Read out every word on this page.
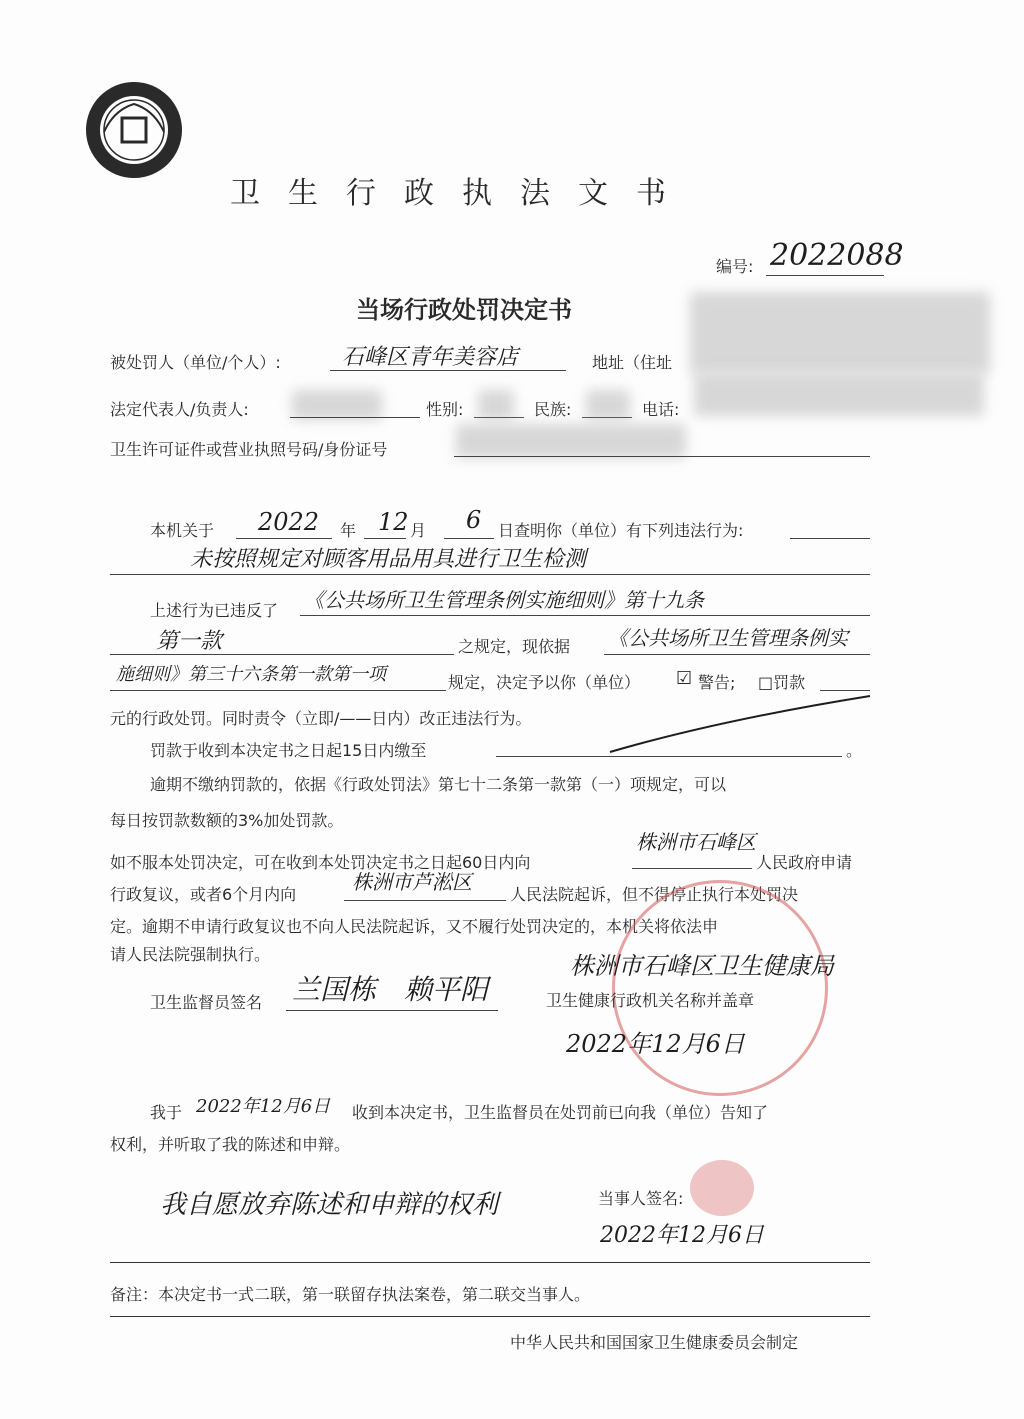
卫生行政执法文书
编号: 2022088
当场行政处罚决定书
被处罚人（单位/个人）:	石峰区青年美容店	地址（住址
法定代表人/负责人:	性别:	民族:	电话:
卫生许可证件或营业执照号码/身份证号
本机关于 2022 年 12 月 6 日查明你（单位）有下列违法行为:
未按照规定对顾客用品用具进行卫生检测
上述行为已违反了 《公共场所卫生管理条例实施细则》第十九条
第一款	之规定，现依据 《公共场所卫生管理条例实
施细则》第三十六条第一款第一项	规定，决定予以你（单位） ☑ 警告; □罚款
元的行政处罚。同时责令（立即/——日内）改正违法行为。
罚款于收到本决定书之日起15日内缴至	。
逾期不缴纳罚款的，依据《行政处罚法》第七十二条第一款第（一）项规定，可以
每日按罚款数额的3%加处罚款。
如不服本处罚决定，可在收到本处罚决定书之日起60日内向
株洲市石峰区
人民政府申请
行政复议，或者6个月内向
株洲市芦淞区
人民法院起诉，但不得停止执行本处罚决
定。逾期不申请行政复议也不向人民法院起诉，又不履行处罚决定的，本机关将依法申
请人民法院强制执行。
卫生监督员签名 兰国栋 赖平阳
株洲市石峰区卫生健康局
卫生健康行政机关名称并盖章
2022年12月6日
我于 2022年12月6日 收到本决定书，卫生监督员在处罚前已向我（单位）告知了
权利，并听取了我的陈述和申辩。
我自愿放弃陈述和申辩的权利	当事人签名:
2022年12月6日
备注：本决定书一式二联，第一联留存执法案卷，第二联交当事人。
中华人民共和国国家卫生健康委员会制定
